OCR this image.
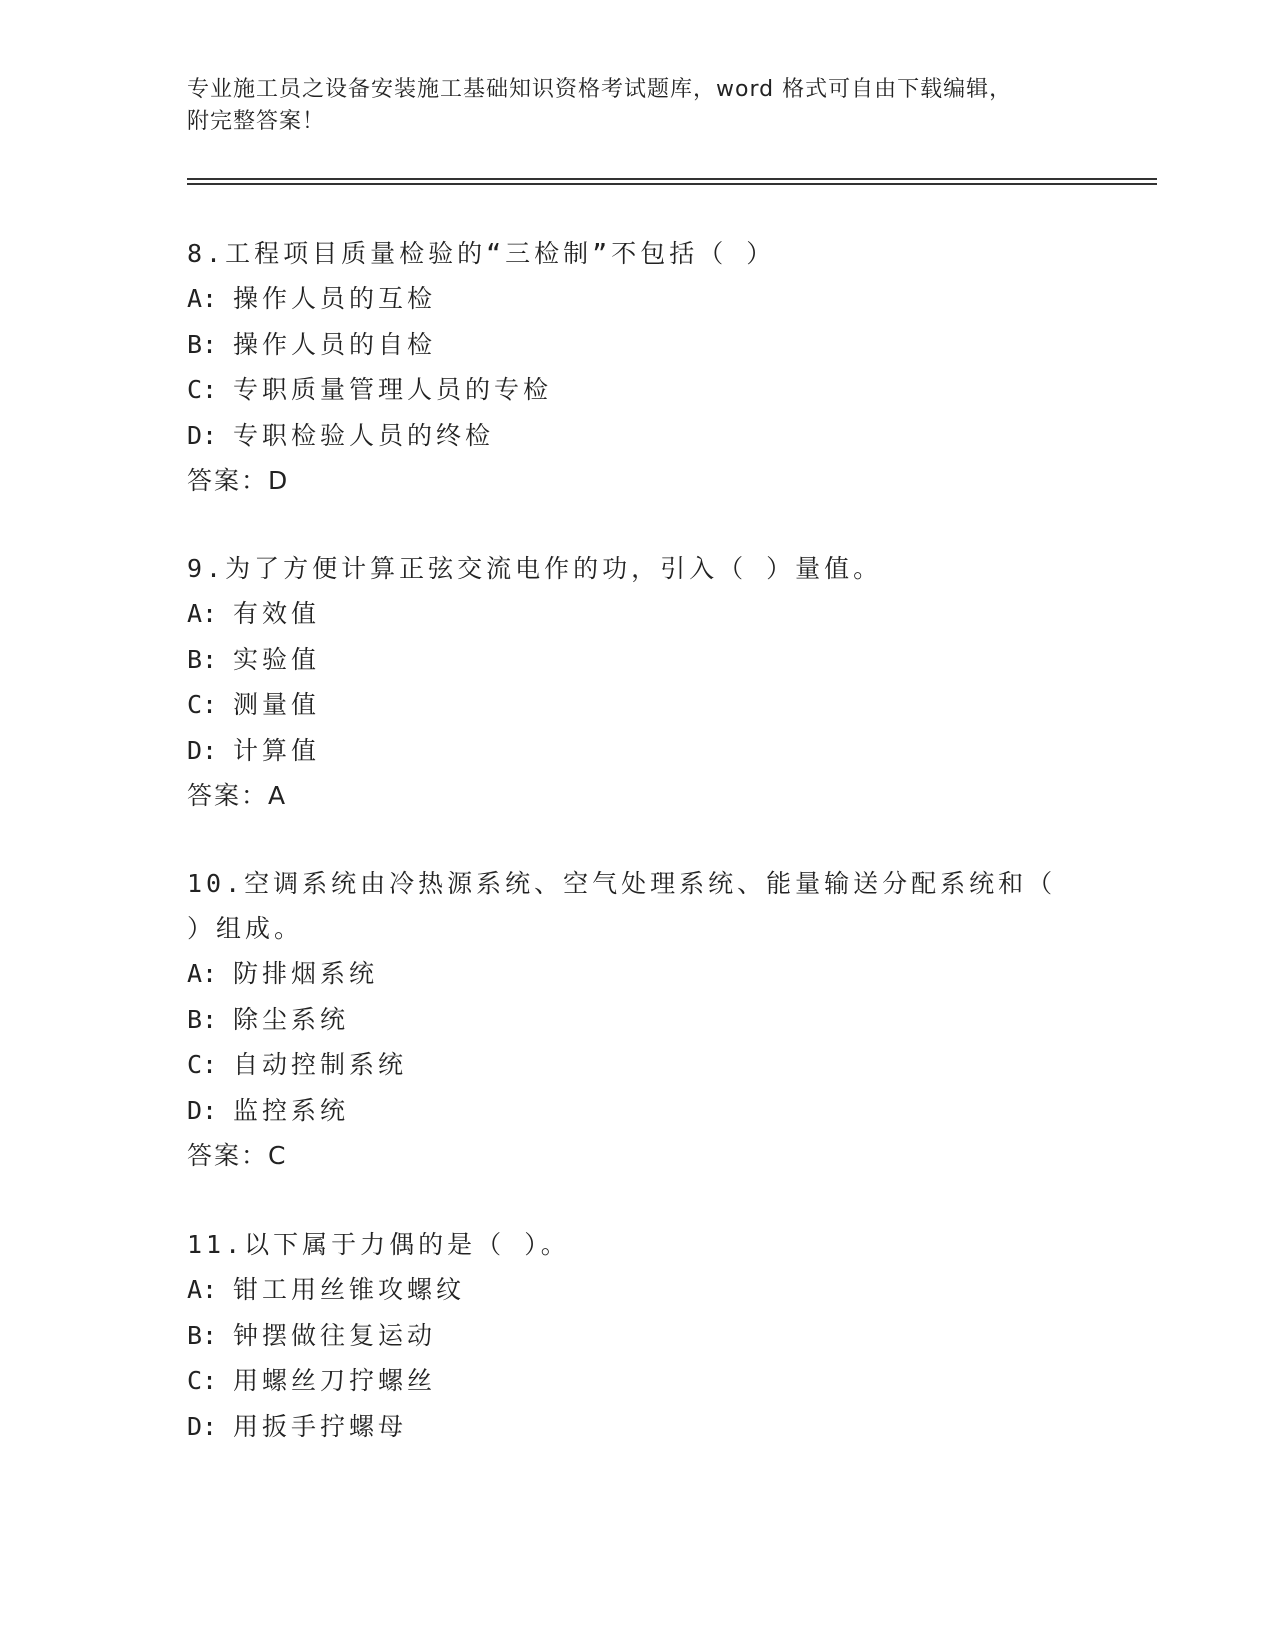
专业施工员之设备安装施工基础知识资格考试题库，word 格式可自由下载编辑，
附完整答案！

8.工程项目质量检验的“三检制”不包括（ ）

A: 操作人员的互检

B: 操作人员的自检

C: 专职质量管理人员的专检

D: 专职检验人员的终检

答案：D

9.为了方便计算正弦交流电作的功，引入（ ）量值。

A: 有效值

B: 实验值

C: 测量值

D: 计算值

答案：A

10.空调系统由冷热源系统、空气处理系统、能量输送分配系统和（
）组成。

A: 防排烟系统

B: 除尘系统

C: 自动控制系统

D: 监控系统

答案：C

11.以下属于力偶的是（ ）。

A: 钳工用丝锥攻螺纹

B: 钟摆做往复运动

C: 用螺丝刀拧螺丝

D: 用扳手拧螺母
